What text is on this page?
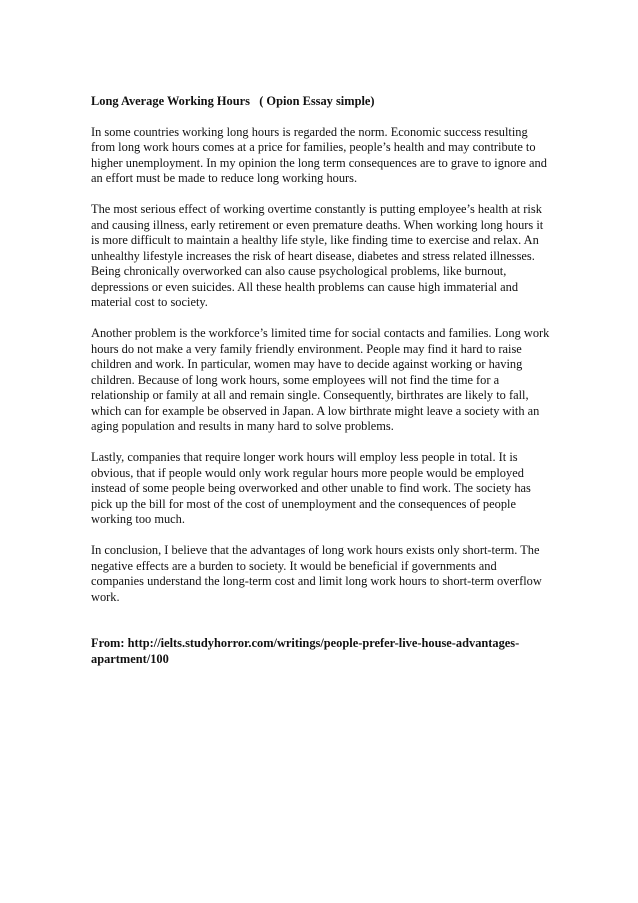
Long Average Working Hours   ( Opion Essay simple)

In some countries working long hours is regarded the norm. Economic success resulting from long work hours comes at a price for families, people’s health and may contribute to higher unemployment. In my opinion the long term consequences are to grave to ignore and an effort must be made to reduce long working hours.

The most serious effect of working overtime constantly is putting employee’s health at risk and causing illness, early retirement or even premature deaths. When working long hours it is more difficult to maintain a healthy life style, like finding time to exercise and relax. An unhealthy lifestyle increases the risk of heart disease, diabetes and stress related illnesses. Being chronically overworked can also cause psychological problems, like burnout, depressions or even suicides. All these health problems can cause high immaterial and material cost to society.

Another problem is the workforce’s limited time for social contacts and families. Long work hours do not make a very family friendly environment. People may find it hard to raise children and work. In particular, women may have to decide against working or having children. Because of long work hours, some employees will not find the time for a relationship or family at all and remain single. Consequently, birthrates are likely to fall, which can for example be observed in Japan. A low birthrate might leave a society with an aging population and results in many hard to solve problems.

Lastly, companies that require longer work hours will employ less people in total. It is obvious, that if people would only work regular hours more people would be employed instead of some people being overworked and other unable to find work. The society has pick up the bill for most of the cost of unemployment and the consequences of people working too much.

In conclusion, I believe that the advantages of long work hours exists only short-term. The negative effects are a burden to society. It would be beneficial if governments and companies understand the long-term cost and limit long work hours to short-term overflow work.

From: http://ielts.studyhorror.com/writings/people-prefer-live-house-advantages-apartment/100
